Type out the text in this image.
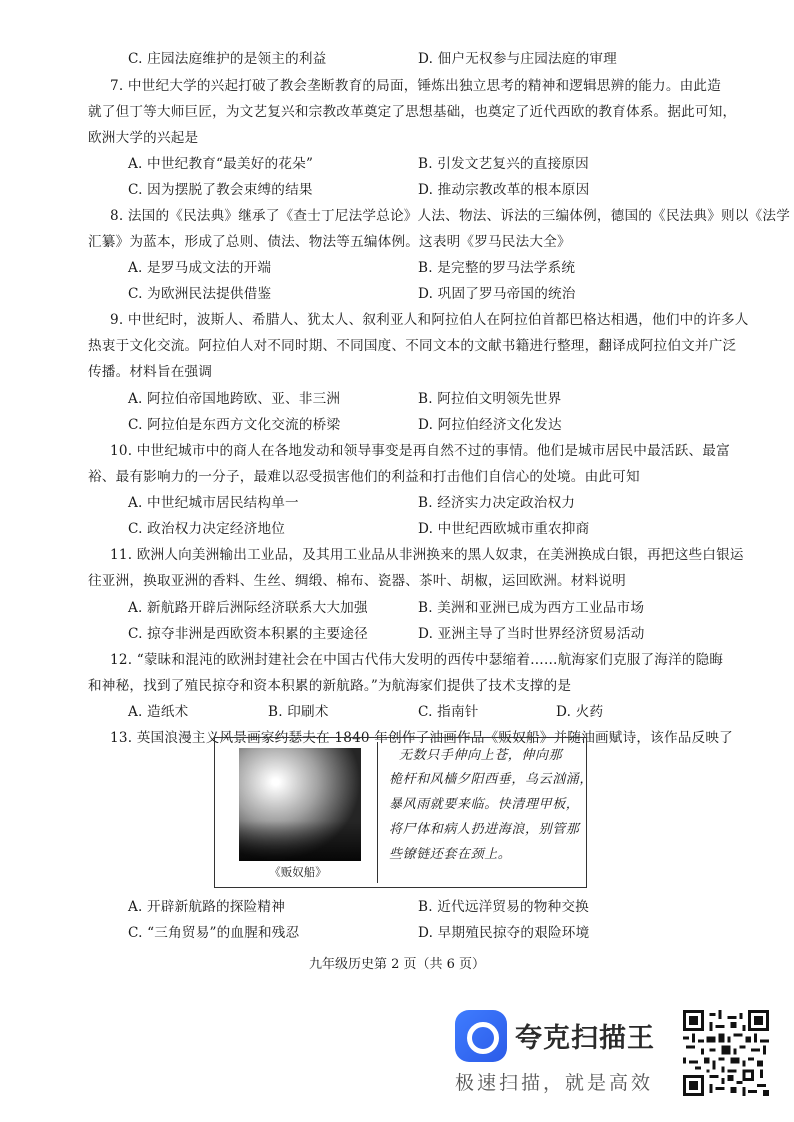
C. 庄园法庭维护的是领主的利益	D. 佃户无权参与庄园法庭的审理
7. 中世纪大学的兴起打破了教会垄断教育的局面，锤炼出独立思考的精神和逻辑思辨的能力。由此造
就了但丁等大师巨匠，为文艺复兴和宗教改革奠定了思想基础，也奠定了近代西欧的教育体系。据此可知，
欧洲大学的兴起是
A. 中世纪教育“最美好的花朵”	B. 引发文艺复兴的直接原因
C. 因为摆脱了教会束缚的结果	D. 推动宗教改革的根本原因
8. 法国的《民法典》继承了《查士丁尼法学总论》人法、物法、诉法的三编体例，德国的《民法典》则以《法学
汇纂》为蓝本，形成了总则、债法、物法等五编体例。这表明《罗马民法大全》
A. 是罗马成文法的开端	B. 是完整的罗马法学系统
C. 为欧洲民法提供借鉴	D. 巩固了罗马帝国的统治
9. 中世纪时，波斯人、希腊人、犹太人、叙利亚人和阿拉伯人在阿拉伯首都巴格达相遇，他们中的许多人
热衷于文化交流。阿拉伯人对不同时期、不同国度、不同文本的文献书籍进行整理，翻译成阿拉伯文并广泛
传播。材料旨在强调
A. 阿拉伯帝国地跨欧、亚、非三洲	B. 阿拉伯文明领先世界
C. 阿拉伯是东西方文化交流的桥梁	D. 阿拉伯经济文化发达
10. 中世纪城市中的商人在各地发动和领导事变是再自然不过的事情。他们是城市居民中最活跃、最富
裕、最有影响力的一分子，最难以忍受损害他们的利益和打击他们自信心的处境。由此可知
A. 中世纪城市居民结构单一	B. 经济实力决定政治权力
C. 政治权力决定经济地位	D. 中世纪西欧城市重农抑商
11. 欧洲人向美洲输出工业品，及其用工业品从非洲换来的黑人奴隶，在美洲换成白银，再把这些白银运
往亚洲，换取亚洲的香料、生丝、绸缎、棉布、瓷器、茶叶、胡椒，运回欧洲。材料说明
A. 新航路开辟后洲际经济联系大大加强	B. 美洲和亚洲已成为西方工业品市场
C. 掠夺非洲是西欧资本积累的主要途径	D. 亚洲主导了当时世界经济贸易活动
12. “蒙昧和混沌的欧洲封建社会在中国古代伟大发明的西传中瑟缩着……航海家们克服了海洋的隐晦
和神秘，找到了殖民掠夺和资本积累的新航路。”为航海家们提供了技术支撑的是
A. 造纸术	B. 印刷术	C. 指南针	D. 火药
13. 英国浪漫主义风景画家约瑟夫在 1840 年创作了油画作品《贩奴船》并随油画赋诗，该作品反映了
A. 开辟新航路的探险精神	B. 近代远洋贸易的物种交换
C. “三角贸易”的血腥和残忍	D. 早期殖民掠夺的艰险环境
《贩奴船》
无数只手伸向上苍，伸向那
桅杆和风樯夕阳西垂，乌云汹涌，
暴风雨就要来临。快清理甲板，
将尸体和病人扔进海浪，别管那
些镣链还套在颈上。
九年级历史第 2 页（共 6 页）
夸克扫描王
极速扫描，就是高效
